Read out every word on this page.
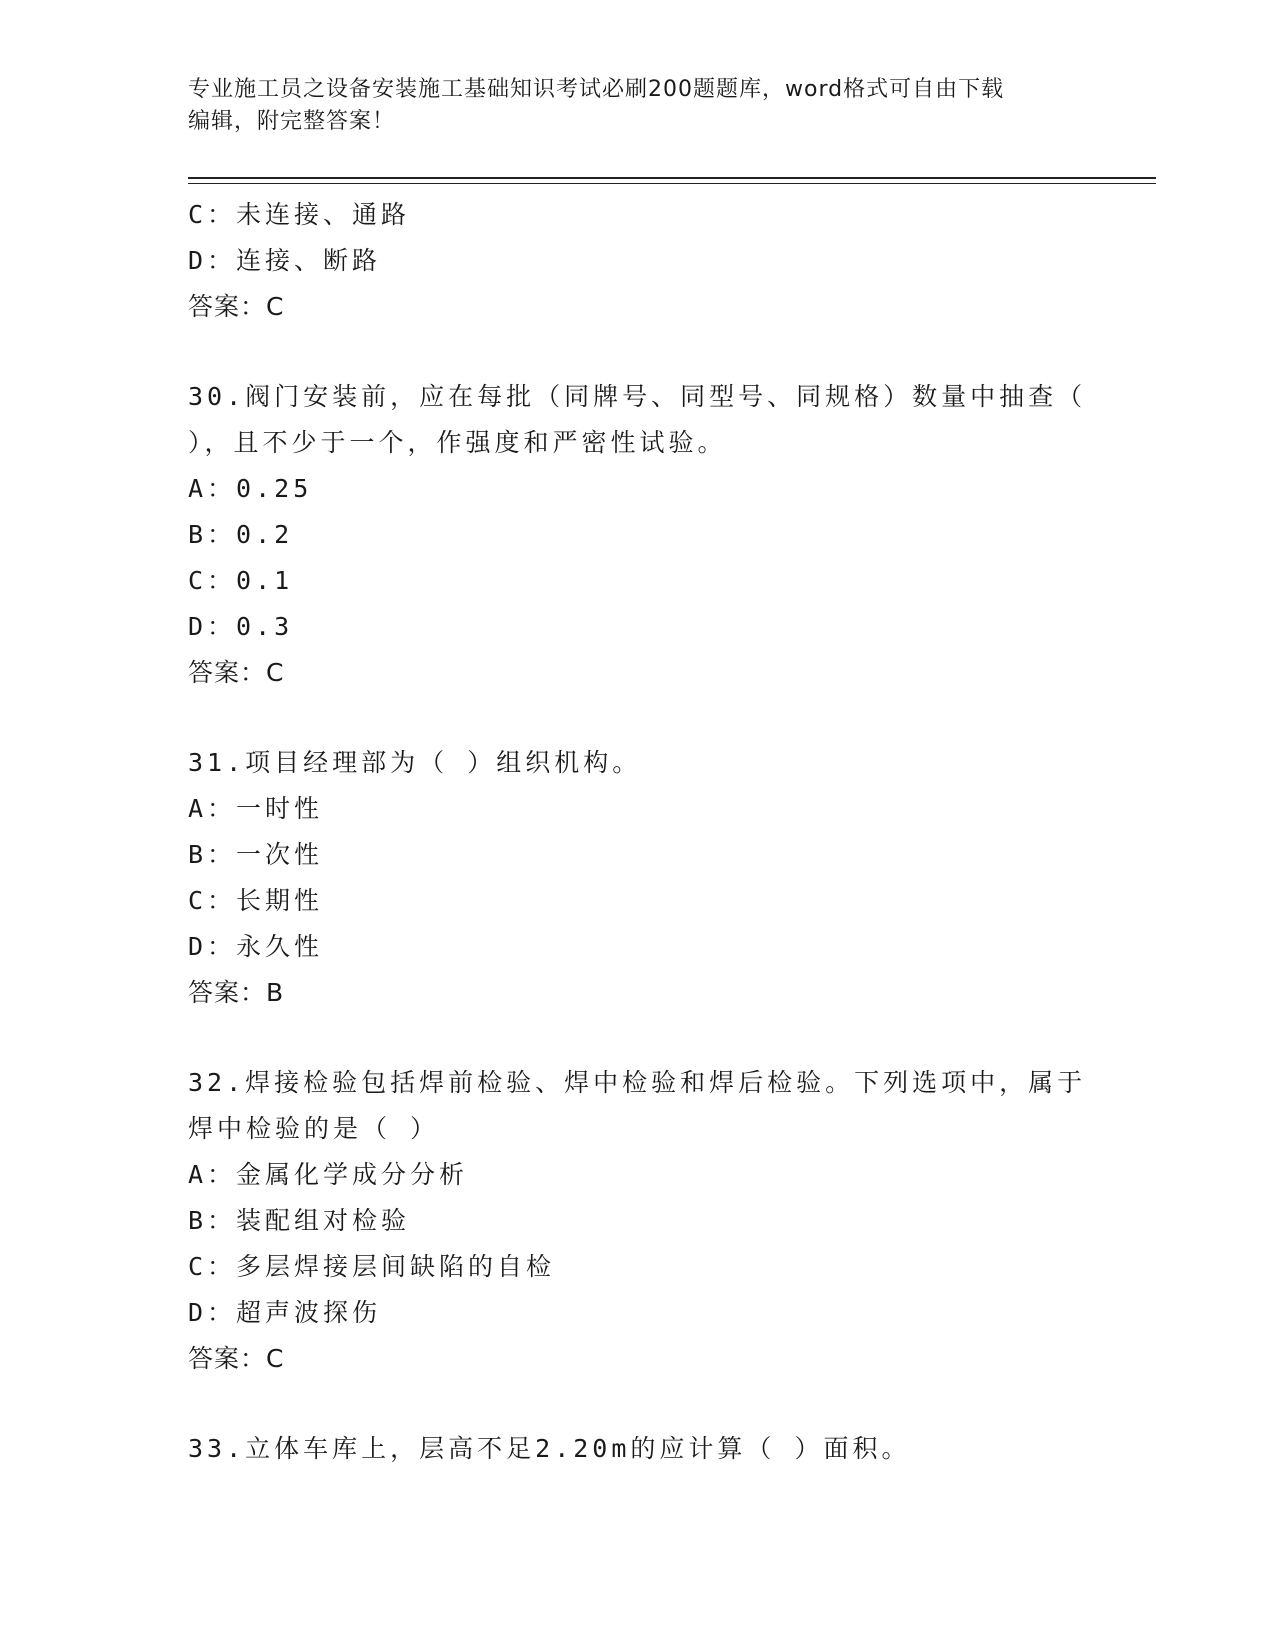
专业施工员之设备安装施工基础知识考试必刷200题题库，word格式可自由下载
编辑，附完整答案！
C：未连接、通路
D：连接、断路
答案：C
30.阀门安装前，应在每批（同牌号、同型号、同规格）数量中抽查（
），且不少于一个，作强度和严密性试验。
A：0.25
B：0.2
C：0.1
D：0.3
答案：C
31.项目经理部为（ ）组织机构。
A：一时性
B：一次性
C：长期性
D：永久性
答案：B
32.焊接检验包括焊前检验、焊中检验和焊后检验。下列选项中，属于
焊中检验的是（ ）
A：金属化学成分分析
B：装配组对检验
C：多层焊接层间缺陷的自检
D：超声波探伤
答案：C
33.立体车库上，层高不足2.20m的应计算（ ）面积。
